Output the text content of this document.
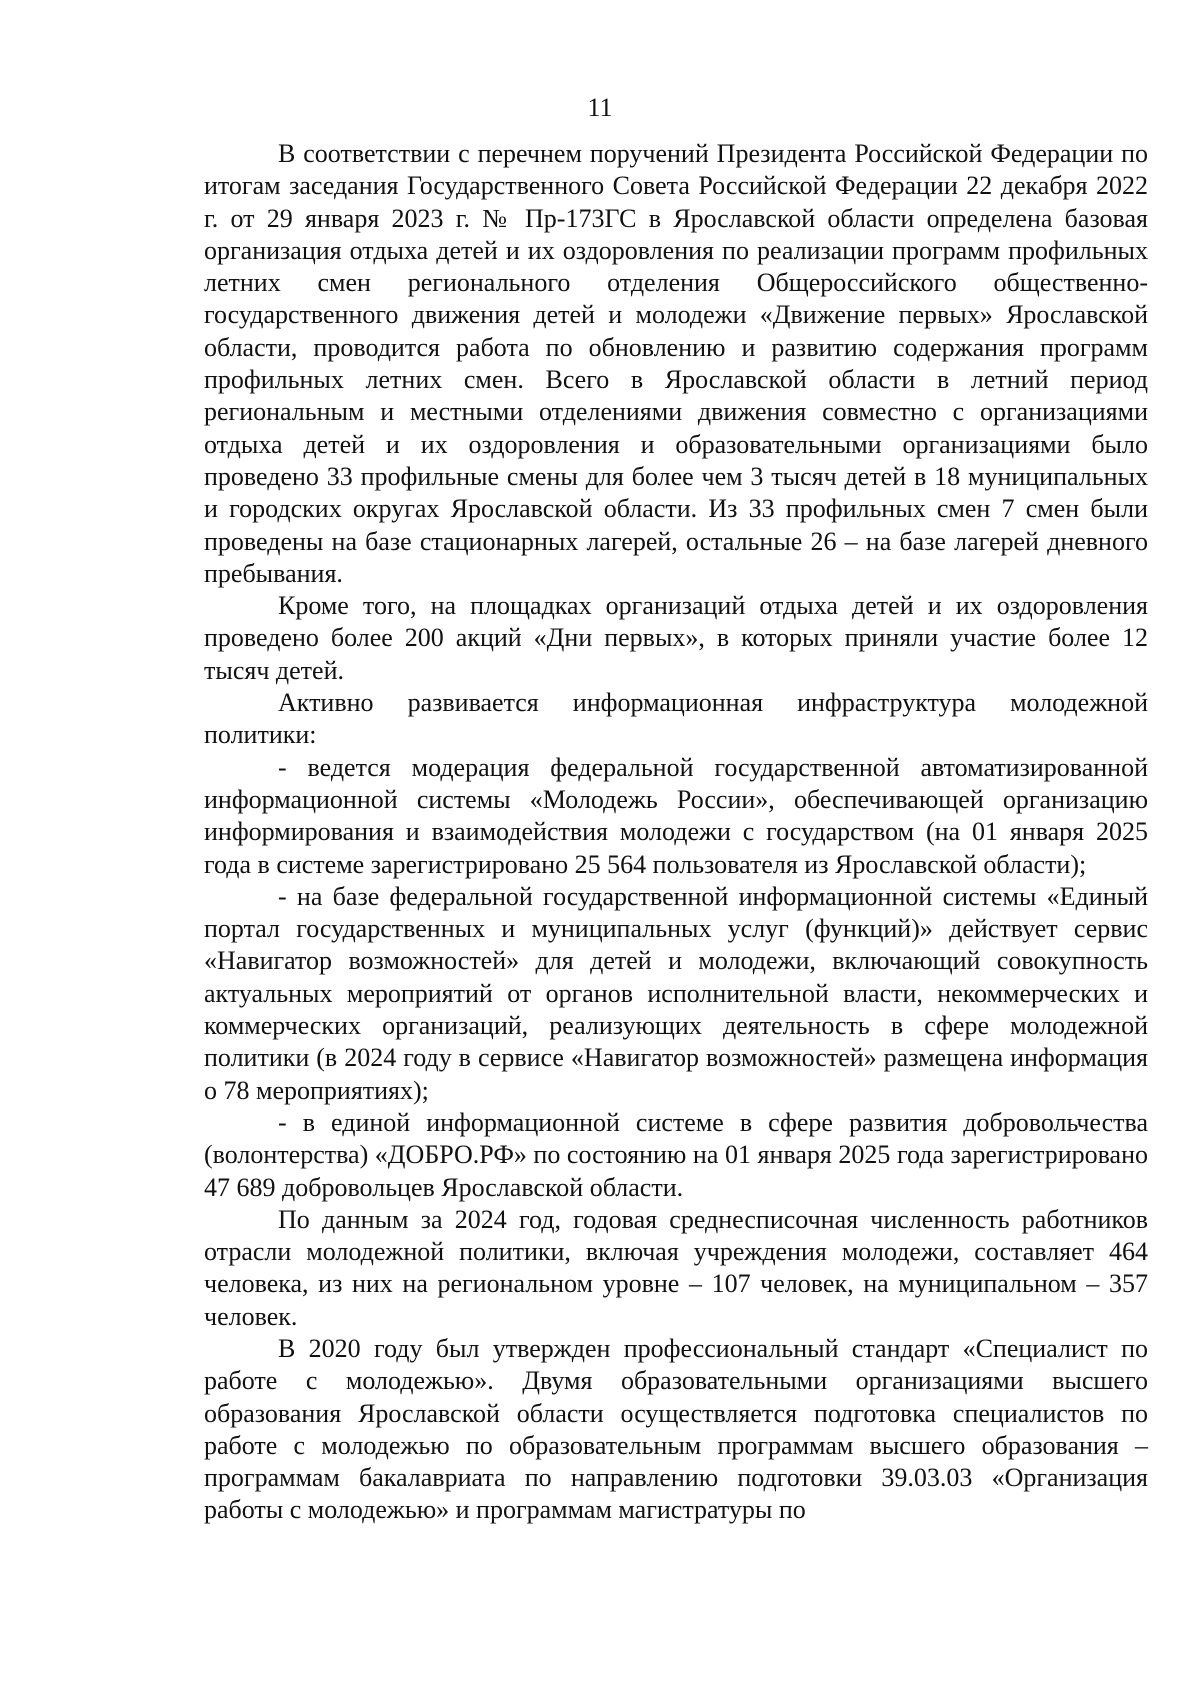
11

В соответствии с перечнем поручений Президента Российской Федерации по итогам заседания Государственного Совета Российской Федерации 22 декабря 2022 г. от 29 января 2023 г. № Пр-173ГС в Ярославской области определена базовая организация отдыха детей и их оздоровления по реализации программ профильных летних смен регионального отделения Общероссийского общественно-государственного движения детей и молодежи «Движение первых» Ярославской области, проводится работа по обновлению и развитию содержания программ профильных летних смен. Всего в Ярославской области в летний период региональным и местными отделениями движения совместно с организациями отдыха детей и их оздоровления и образовательными организациями было проведено 33 профильные смены для более чем 3 тысяч детей в 18 муниципальных и городских округах Ярославской области. Из 33 профильных смен 7 смен были проведены на базе стационарных лагерей, остальные 26 – на базе лагерей дневного пребывания.

Кроме того, на площадках организаций отдыха детей и их оздоровления проведено более 200 акций «Дни первых», в которых приняли участие более 12 тысяч детей.

Активно развивается информационная инфраструктура молодежной политики:

- ведется модерация федеральной государственной автоматизированной информационной системы «Молодежь России», обеспечивающей организацию информирования и взаимодействия молодежи с государством (на 01 января 2025 года в системе зарегистрировано 25 564 пользователя из Ярославской области);

- на базе федеральной государственной информационной системы «Единый портал государственных и муниципальных услуг (функций)» действует сервис «Навигатор возможностей» для детей и молодежи, включающий совокупность актуальных мероприятий от органов исполнительной власти, некоммерческих и коммерческих организаций, реализующих деятельность в сфере молодежной политики (в 2024 году в сервисе «Навигатор возможностей» размещена информация о 78 мероприятиях);

- в единой информационной системе в сфере развития добровольчества (волонтерства) «ДОБРО.РФ» по состоянию на 01 января 2025 года зарегистрировано 47 689 добровольцев Ярославской области.

По данным за 2024 год, годовая среднесписочная численность работников отрасли молодежной политики, включая учреждения молодежи, составляет 464 человека, из них на региональном уровне – 107 человек, на муниципальном – 357 человек.

В 2020 году был утвержден профессиональный стандарт «Специалист по работе с молодежью». Двумя образовательными организациями высшего образования Ярославской области осуществляется подготовка специалистов по работе с молодежью по образовательным программам высшего образования – программам бакалавриата по направлению подготовки 39.03.03 «Организация работы с молодежью» и программам магистратуры по
